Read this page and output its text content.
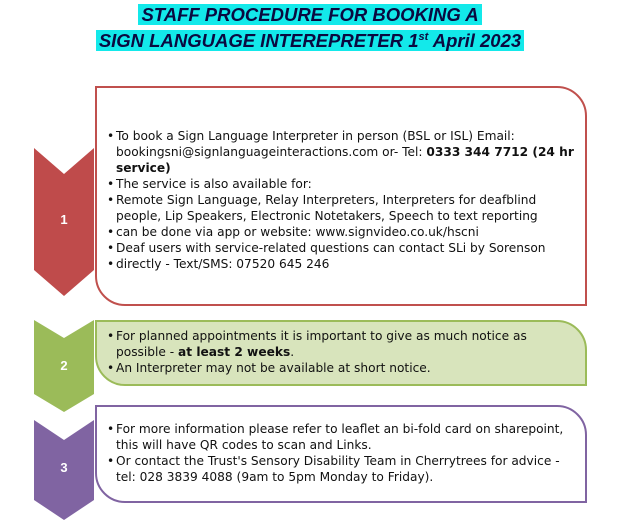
STAFF PROCEDURE FOR BOOKING A
SIGN LANGUAGE INTEREPRETER 1st April 2023
1
• To book a Sign Language Interpreter in person (BSL or ISL) Email: bookingsni@signlanguageinteractions.com or- Tel: 0333 344 7712 (24 hr service)
• The service is also available for:
• Remote Sign Language, Relay Interpreters, Interpreters for deafblind people, Lip Speakers, Electronic Notetakers, Speech to text reporting
• can be done via app or website: www.signvideo.co.uk/hscni
• Deaf users with service-related questions can contact SLi by Sorenson
• directly - Text/SMS: 07520 645 246
2
• For planned appointments it is important to give as much notice as possible - at least 2 weeks.
• An Interpreter may not be available at short notice.
3
• For more information please refer to leaflet an bi-fold card on sharepoint, this will have QR codes to scan and Links.
• Or contact the Trust's Sensory Disability Team in Cherrytrees for advice - tel: 028 3839 4088 (9am to 5pm Monday to Friday).
